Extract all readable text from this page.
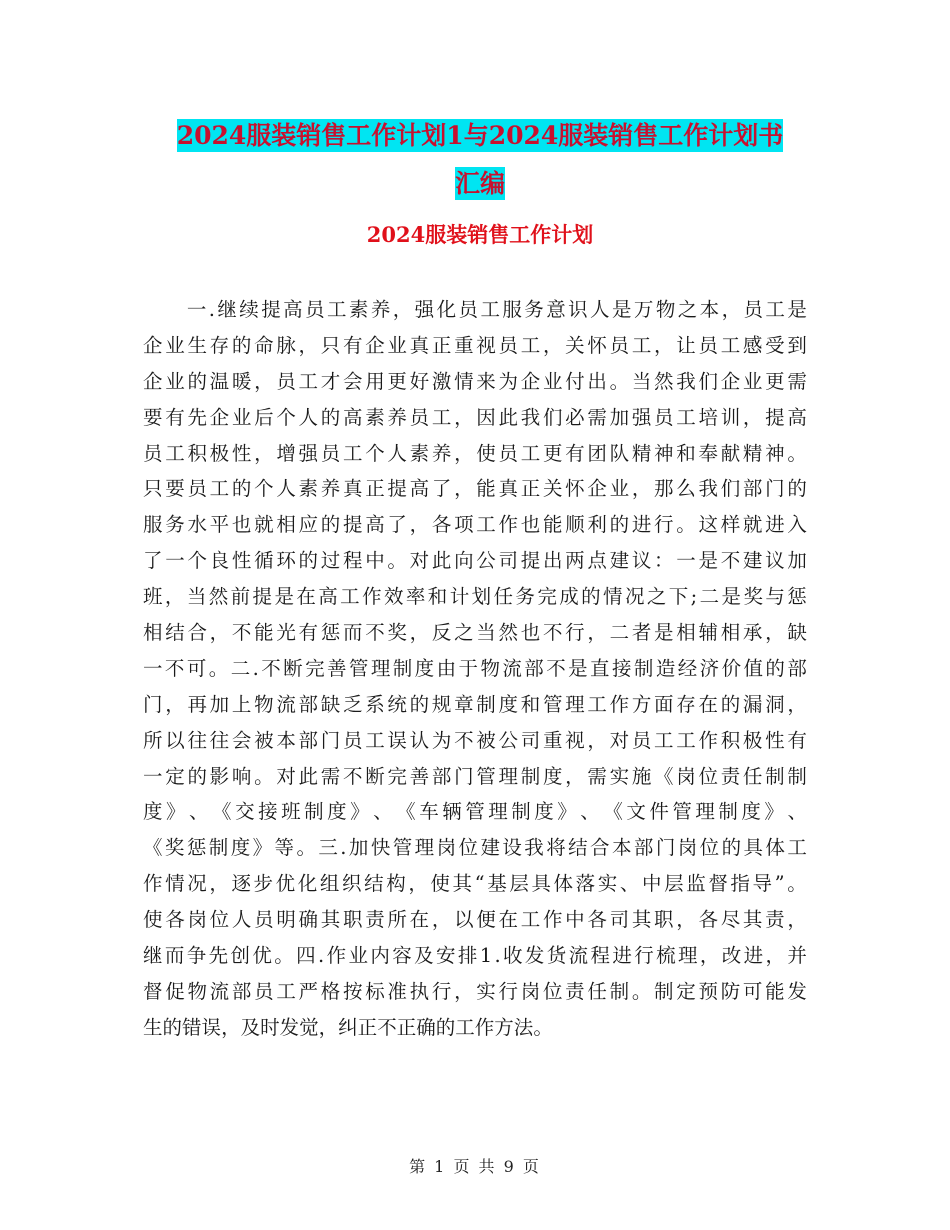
2024服装销售工作计划1与2024服装销售工作计划书
汇编
2024服装销售工作计划

一 . 继 续 提 高 员 工 素 养 ， 强 化 员 工 服 务 意 识 人 是 万 物 之 本 ， 员 工 是
企 业 生 存 的 命 脉 ， 只 有 企 业 真 正 重 视 员 工 ， 关 怀 员 工 ， 让 员 工 感 受 到
企 业 的 温 暖 ， 员 工 才 会 用 更 好 激 情 来 为 企 业 付 出 。 当 然 我 们 企 业 更 需
要 有 先 企 业 后 个 人 的 高 素 养 员 工 ， 因 此 我 们 必 需 加 强 员 工 培 训 ， 提 高
员 工 积 极 性 ， 增 强 员 工 个 人 素 养 ， 使 员 工 更 有 团 队 精 神 和 奉 献 精 神 。
只 要 员 工 的 个 人 素 养 真 正 提 高 了 ， 能 真 正 关 怀 企 业 ， 那 么 我 们 部 门 的
服 务 水 平 也 就 相 应 的 提 高 了 ， 各 项 工 作 也 能 顺 利 的 进 行 。 这 样 就 进 入
了 一 个 良 性 循 环 的 过 程 中 。 对 此 向 公 司 提 出 两 点 建 议 ： 一 是 不 建 议 加
班 ， 当 然 前 提 是 在 高 工 作 效 率 和 计 划 任 务 完 成 的 情 况 之 下 ; 二 是 奖 与 惩
相 结 合 ， 不 能 光 有 惩 而 不 奖 ， 反 之 当 然 也 不 行 ， 二 者 是 相 辅 相 承 ， 缺
一 不 可 。 二 . 不 断 完 善 管 理 制 度 由 于 物 流 部 不 是 直 接 制 造 经 济 价 值 的 部
门 ， 再 加 上 物 流 部 缺 乏 系 统 的 规 章 制 度 和 管 理 工 作 方 面 存 在 的 漏 洞 ，
所 以 往 往 会 被 本 部 门 员 工 误 认 为 不 被 公 司 重 视 ， 对 员 工 工 作 积 极 性 有
一 定 的 影 响 。 对 此 需 不 断 完 善 部 门 管 理 制 度 ， 需 实 施 《 岗 位 责 任 制 制
度 》 、 《 交 接 班 制 度 》 、 《 车 辆 管 理 制 度 》 、 《 文 件 管 理 制 度 》 、
《 奖 惩 制 度 》 等 。 三 . 加 快 管 理 岗 位 建 设 我 将 结 合 本 部 门 岗 位 的 具 体 工
作 情 况 ， 逐 步 优 化 组 织 结 构 ， 使 其 “ 基 层 具 体 落 实 、 中 层 监 督 指 导 ” 。
使 各 岗 位 人 员 明 确 其 职 责 所 在 ， 以 便 在 工 作 中 各 司 其 职 ， 各 尽 其 责 ，
继 而 争 先 创 优 。 四 . 作 业 内 容 及 安 排 1 . 收 发 货 流 程 进 行 梳 理 ， 改 进 ， 并
督 促 物 流 部 员 工 严 格 按 标 准 执 行 ， 实 行 岗 位 责 任 制 。 制 定 预 防 可 能 发
生 的 错 误 ， 及 时 发 觉 ， 纠 正 不 正 确 的 工 作 方 法 。
第 1 页 共 9 页
